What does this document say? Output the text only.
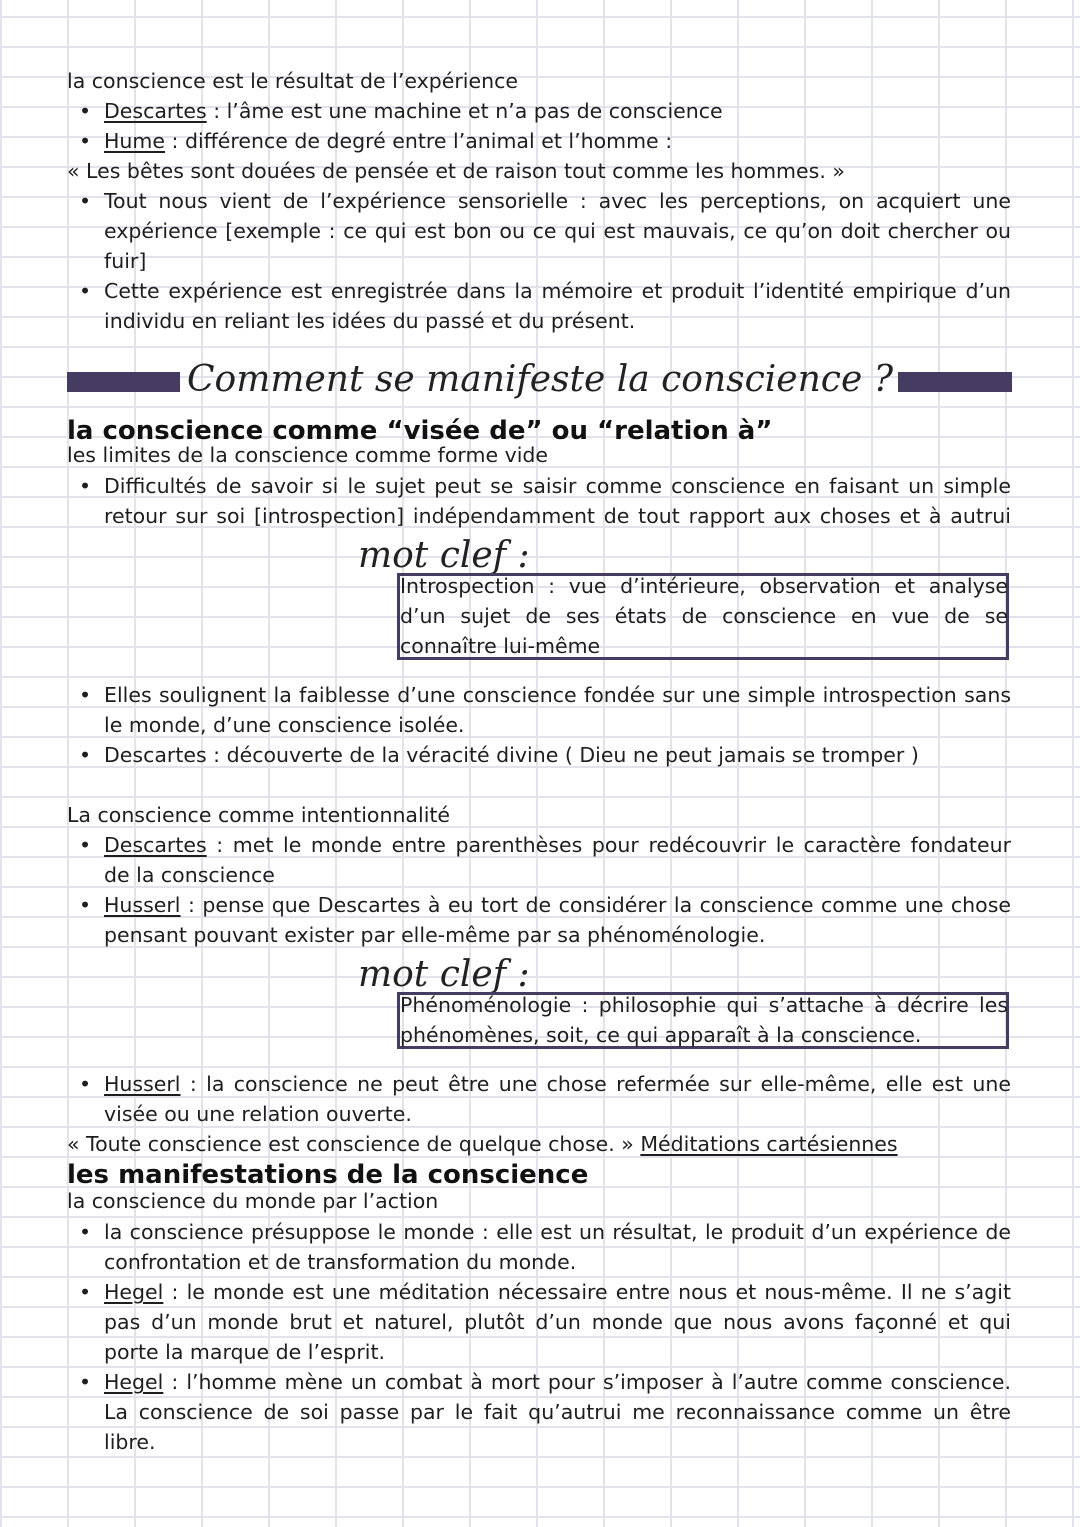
la conscience est le résultat de l’expérience
• Descartes : l’âme est une machine et n’a pas de conscience
• Hume : différence de degré entre l’animal et l’homme :
« Les bêtes sont douées de pensée et de raison tout comme les hommes. »
• Tout nous vient de l’expérience sensorielle : avec les perceptions, on acquiert une
expérience [exemple : ce qui est bon ou ce qui est mauvais, ce qu’on doit chercher ou
fuir]
• Cette expérience est enregistrée dans la mémoire et produit l’identité empirique d’un
individu en reliant les idées du passé et du présent.
Comment se manifeste la conscience ?
la conscience comme “visée de” ou “relation à”
les limites de la conscience comme forme vide
• Difficultés de savoir si le sujet peut se saisir comme conscience en faisant un simple
retour sur soi [introspection] indépendamment de tout rapport aux choses et à autrui
mot clef :
Introspection : vue d’intérieure, observation et analyse
d’un sujet de ses états de conscience en vue de se
connaître lui-même
• Elles soulignent la faiblesse d’une conscience fondée sur une simple introspection sans
le monde, d’une conscience isolée.
• Descartes : découverte de la véracité divine ( Dieu ne peut jamais se tromper )
La conscience comme intentionnalité
• Descartes : met le monde entre parenthèses pour redécouvrir le caractère fondateur
de la conscience
• Husserl : pense que Descartes à eu tort de considérer la conscience comme une chose
pensant pouvant exister par elle-même par sa phénoménologie.
mot clef :
Phénoménologie : philosophie qui s’attache à décrire les
phénomènes, soit, ce qui apparaît à la conscience.
• Husserl : la conscience ne peut être une chose refermée sur elle-même, elle est une
visée ou une relation ouverte.
« Toute conscience est conscience de quelque chose. » Méditations cartésiennes
les manifestations de la conscience
la conscience du monde par l’action
• la conscience présuppose le monde : elle est un résultat, le produit d’un expérience de
confrontation et de transformation du monde.
• Hegel : le monde est une méditation nécessaire entre nous et nous-même. Il ne s’agit
pas d’un monde brut et naturel, plutôt d’un monde que nous avons façonné et qui
porte la marque de l’esprit.
• Hegel : l’homme mène un combat à mort pour s’imposer à l’autre comme conscience.
La conscience de soi passe par le fait qu’autrui me reconnaissance comme un être
libre.
